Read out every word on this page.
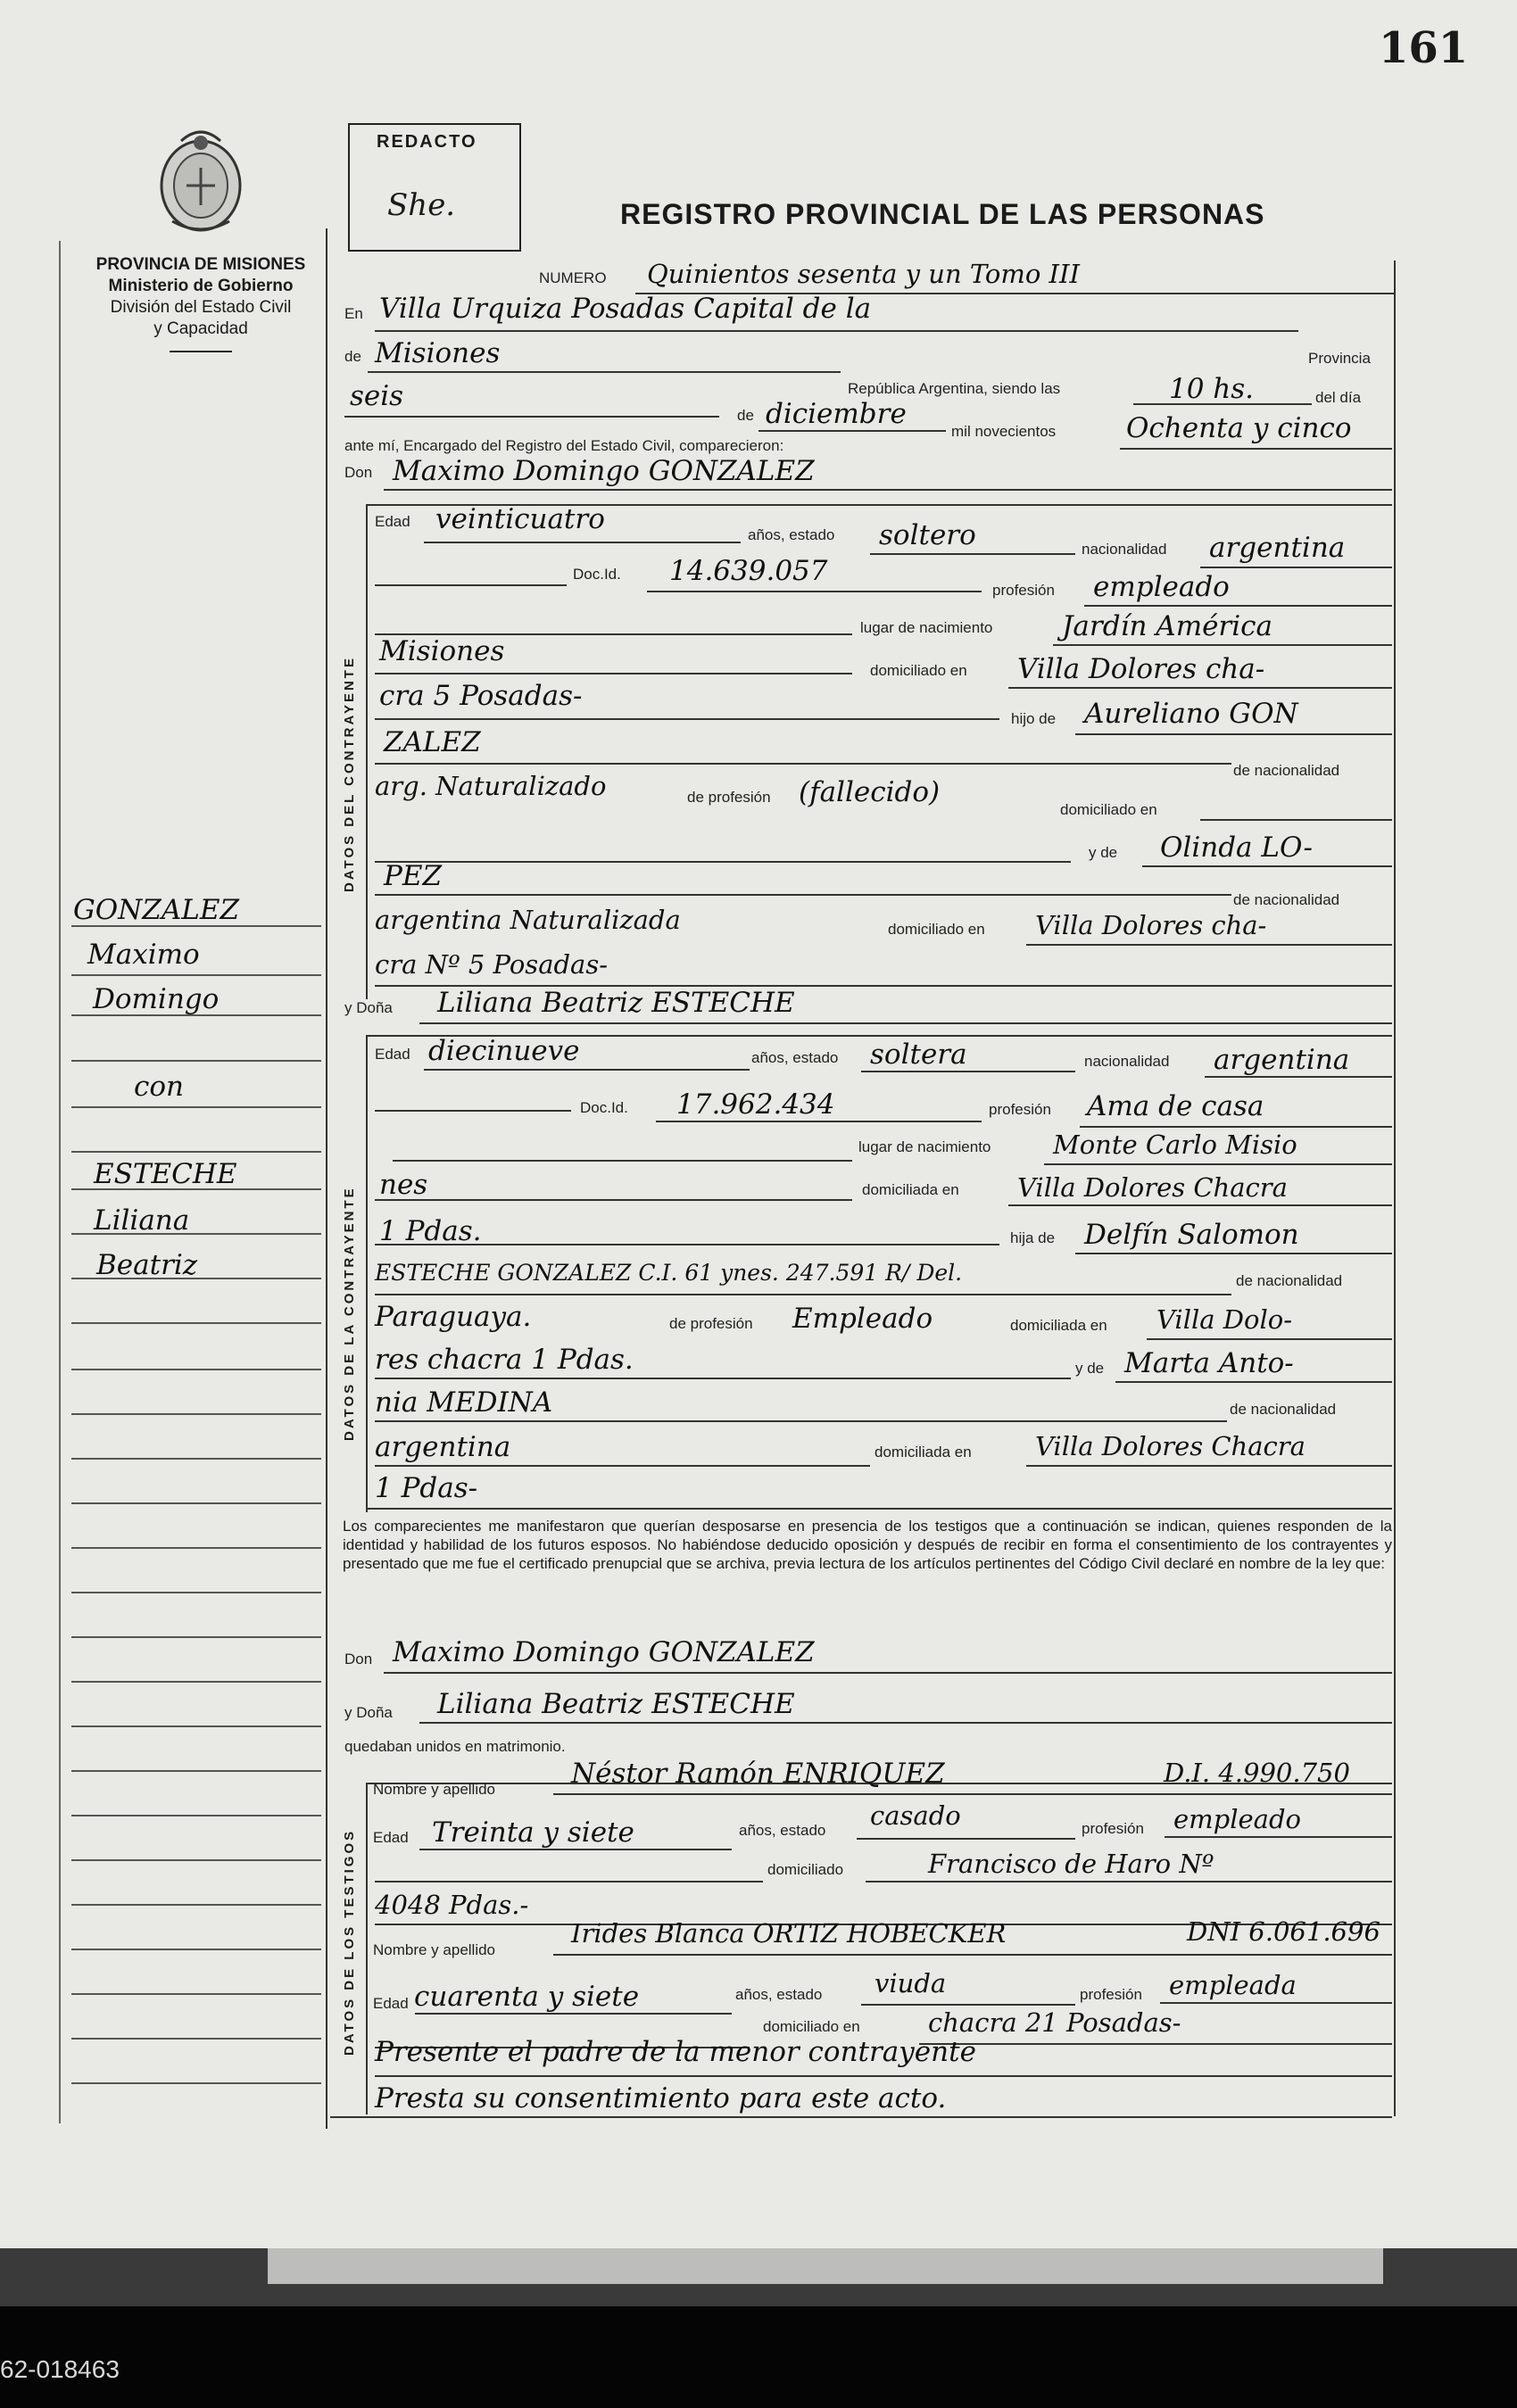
161
PROVINCIA DE MISIONES
Ministerio de Gobierno
División del Estado Civil
y Capacidad
REDACTO
She.	REGISTRO PROVINCIAL DE LAS PERSONAS
GONZALEZ
Maximo
Domingo
con
ESTECHE
Liliana
Beatriz
NUMERO Quinientos sesenta y un Tomo III
En Villa Urquiza Posadas Capital de la
Provincia
de Misiones
República Argentina, siendo las	10 hs.	del día
seis
de diciembre
mil novecientos	Ochenta y cinco
ante mí, Encargado del Registro del Estado Civil, comparecieron:
Don Maximo Domingo GONZALEZ
DATOS DEL CONTRAYENTE
Edad veinticuatro	años, estado soltero	nacionalidad argentina
Doc.Id. 14.639.057
profesión empleado
lugar de nacimiento	Jardín América
Misiones
domiciliado en Villa Dolores cha-
cra 5 Posadas-
hijo de Aureliano GON
ZALEZ
de nacionalidad
arg. Naturalizado	de profesión (fallecido)
domiciliado en
y de Olinda LO-
PEZ
de nacionalidad
argentina Naturalizada	domiciliado en Villa Dolores cha-
cra Nº 5 Posadas-
y Doña Liliana Beatriz ESTECHE
DATOS DE LA CONTRAYENTE
Edad diecinueve	años, estado soltera	nacionalidad argentina
Doc.Id. 17.962.434	profesión Ama de casa
lugar de nacimiento Monte Carlo Misio
nes	domiciliada en Villa Dolores Chacra
1 Pdas.	hija de Delfín Salomon
ESTECHE GONZALEZ C.I. 61 ynes. 247.591 R/ Del.	de nacionalidad
Paraguaya.	de profesión Empleado	domiciliada en Villa Dolo-
res chacra 1 Pdas.	y de Marta Anto-
nia MEDINA	de nacionalidad
argentina	domiciliada en Villa Dolores Chacra
1 Pdas-
Los comparecientes me manifestaron que querían desposarse en presencia de los testigos que a continuación se indican, quienes responden de la identidad y habilidad de los futuros esposos. No habiéndose deducido oposición y después de recibir en forma el consentimiento de los contrayentes y presentado que me fue el certificado prenupcial que se archiva, previa lectura de los artículos pertinentes del Código Civil declaré en nombre de la ley que:
Don Maximo Domingo GONZALEZ
y Doña Liliana Beatriz ESTECHE
quedaban unidos en matrimonio.
DATOS DE LOS TESTIGOS
Nombre y apellido	Néstor Ramón ENRIQUEZ	D.I. 4.990.750
Edad Treinta y siete	años, estado casado	profesión empleado
domiciliado	Francisco de Haro Nº
4048 Pdas.-
Nombre y apellido
Irides Blanca ORTIZ HOBECKER	DNI 6.061.696
Edad cuarenta y siete	años, estado viuda	profesión empleada
domiciliado en	chacra 21 Posadas-
Presente el padre de la menor contrayente
Presta su consentimiento para este acto.
62-018463
